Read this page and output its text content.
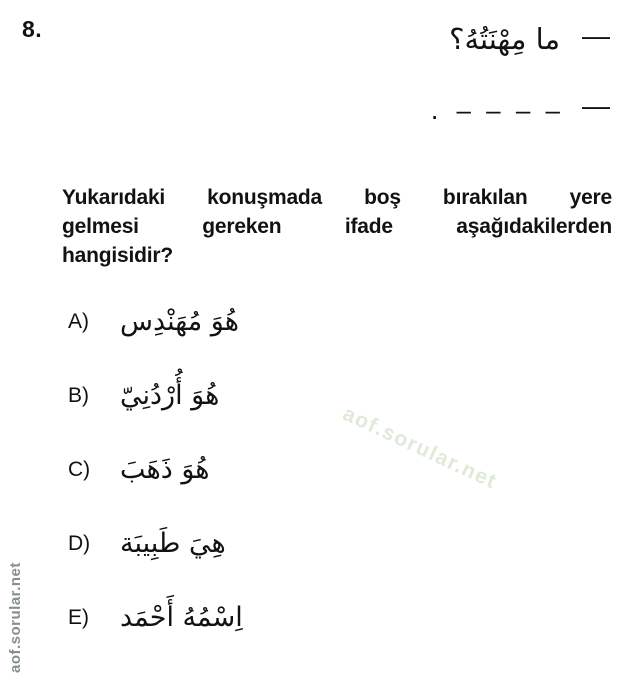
8.	—
ما مِهْنَتُهُ؟
—
– – – –
.
Yukarıdaki konuşmada boş bırakılan yere
gelmesi gereken ifade aşağıdakilerden
hangisidir?
A)	هُوَ مُهَنْدِس
B)	هُوَ أُرْدُنِيّ
C)	هُوَ ذَهَبَ
D)	هِيَ طَبِيبَة
E)	اِسْمُهُ أَحْمَد
aof.sorular.net
aof.sorular.net
